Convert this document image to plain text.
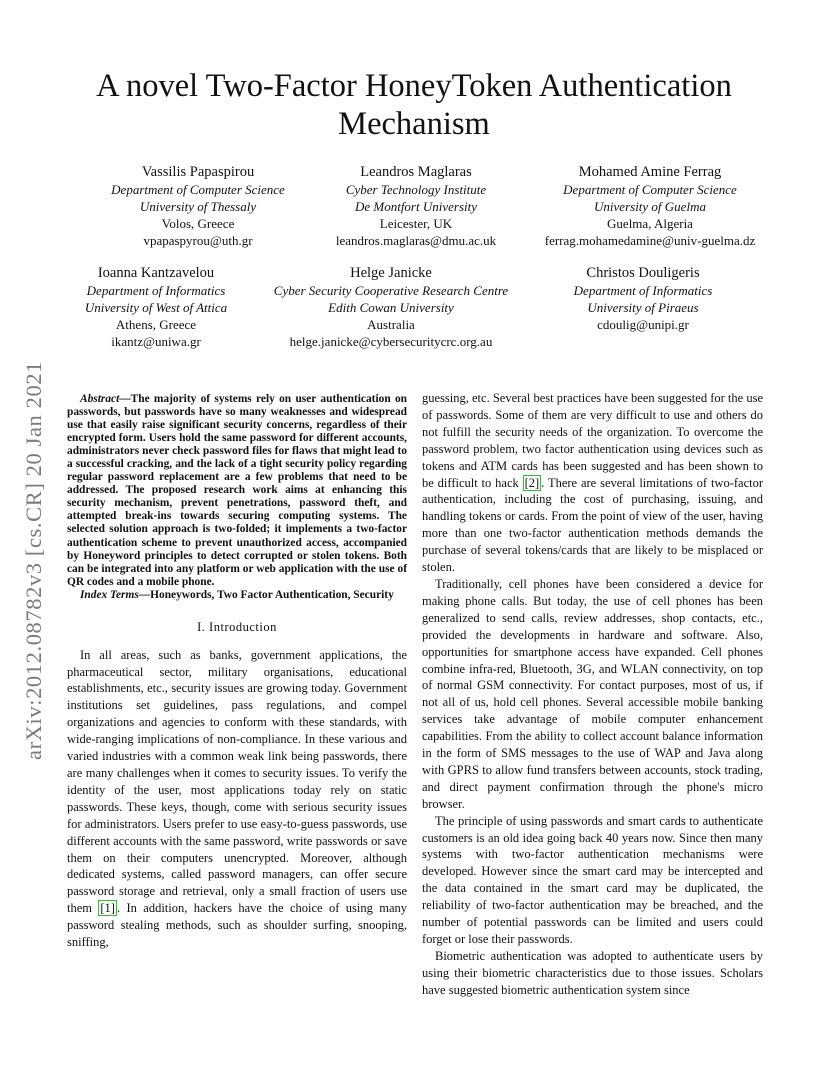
arXiv:2012.08782v3 [cs.CR] 20 Jan 2021
A novel Two-Factor HoneyToken Authentication
Mechanism
Vassilis Papaspirou
Department of Computer Science
University of Thessaly
Volos, Greece
vpapaspyrou@uth.gr
Leandros Maglaras
Cyber Technology Institute
De Montfort University
Leicester, UK
leandros.maglaras@dmu.ac.uk
Mohamed Amine Ferrag
Department of Computer Science
University of Guelma
Guelma, Algeria
ferrag.mohamedamine@univ-guelma.dz
Ioanna Kantzavelou
Department of Informatics
University of West of Attica
Athens, Greece
ikantz@uniwa.gr
Helge Janicke
Cyber Security Cooperative Research Centre
Edith Cowan University
Australia
helge.janicke@cybersecuritycrc.org.au
Christos Douligeris
Department of Informatics
University of Piraeus
cdoulig@unipi.gr

Abstract—The majority of systems rely on user authentication on passwords, but passwords have so many weaknesses and widespread use that easily raise significant security concerns, regardless of their encrypted form. Users hold the same password for different accounts, administrators never check password files for flaws that might lead to a successful cracking, and the lack of a tight security policy regarding regular password replacement are a few problems that need to be addressed. The proposed research work aims at enhancing this security mechanism, prevent penetrations, password theft, and attempted break-ins towards securing computing systems. The selected solution approach is two-folded; it implements a two-factor authentication scheme to prevent unauthorized access, accompanied by Honeyword principles to detect corrupted or stolen tokens. Both can be integrated into any platform or web application with the use of QR codes and a mobile phone.

Index Terms—Honeywords, Two Factor Authentication, Security

I. Introduction

In all areas, such as banks, government applications, the pharmaceutical sector, military organisations, educational establishments, etc., security issues are growing today. Government institutions set guidelines, pass regulations, and compel organizations and agencies to conform with these standards, with wide-ranging implications of non-compliance. In these various and varied industries with a common weak link being passwords, there are many challenges when it comes to security issues. To verify the identity of the user, most applications today rely on static passwords. These keys, though, come with serious security issues for administrators. Users prefer to use easy-to-guess passwords, use different accounts with the same password, write passwords or save them on their computers unencrypted. Moreover, although dedicated systems, called password managers, can offer secure password storage and retrieval, only a small fraction of users use them [1] . In addition, hackers have the choice of using many password stealing methods, such as shoulder surfing, snooping, sniffing,

guessing, etc. Several best practices have been suggested for the use of passwords. Some of them are very difficult to use and others do not fulfill the security needs of the organization. To overcome the password problem, two factor authentication using devices such as tokens and ATM cards has been suggested and has been shown to be difficult to hack [2] . There are several limitations of two-factor authentication, including the cost of purchasing, issuing, and handling tokens or cards. From the point of view of the user, having more than one two-factor authentication methods demands the purchase of several tokens/cards that are likely to be misplaced or stolen.

Traditionally, cell phones have been considered a device for making phone calls. But today, the use of cell phones has been generalized to send calls, review addresses, shop contacts, etc., provided the developments in hardware and software. Also, opportunities for smartphone access have expanded. Cell phones combine infra-red, Bluetooth, 3G, and WLAN connectivity, on top of normal GSM connectivity. For contact purposes, most of us, if not all of us, hold cell phones. Several accessible mobile banking services take advantage of mobile computer enhancement capabilities. From the ability to collect account balance information in the form of SMS messages to the use of WAP and Java along with GPRS to allow fund transfers between accounts, stock trading, and direct payment confirmation through the phone's micro browser.

The principle of using passwords and smart cards to authenticate customers is an old idea going back 40 years now. Since then many systems with two-factor authentication mechanisms were developed. However since the smart card may be intercepted and the data contained in the smart card may be duplicated, the reliability of two-factor authentication may be breached, and the number of potential passwords can be limited and users could forget or lose their passwords.

Biometric authentication was adopted to authenticate users by using their biometric characteristics due to those issues. Scholars have suggested biometric authentication system since
